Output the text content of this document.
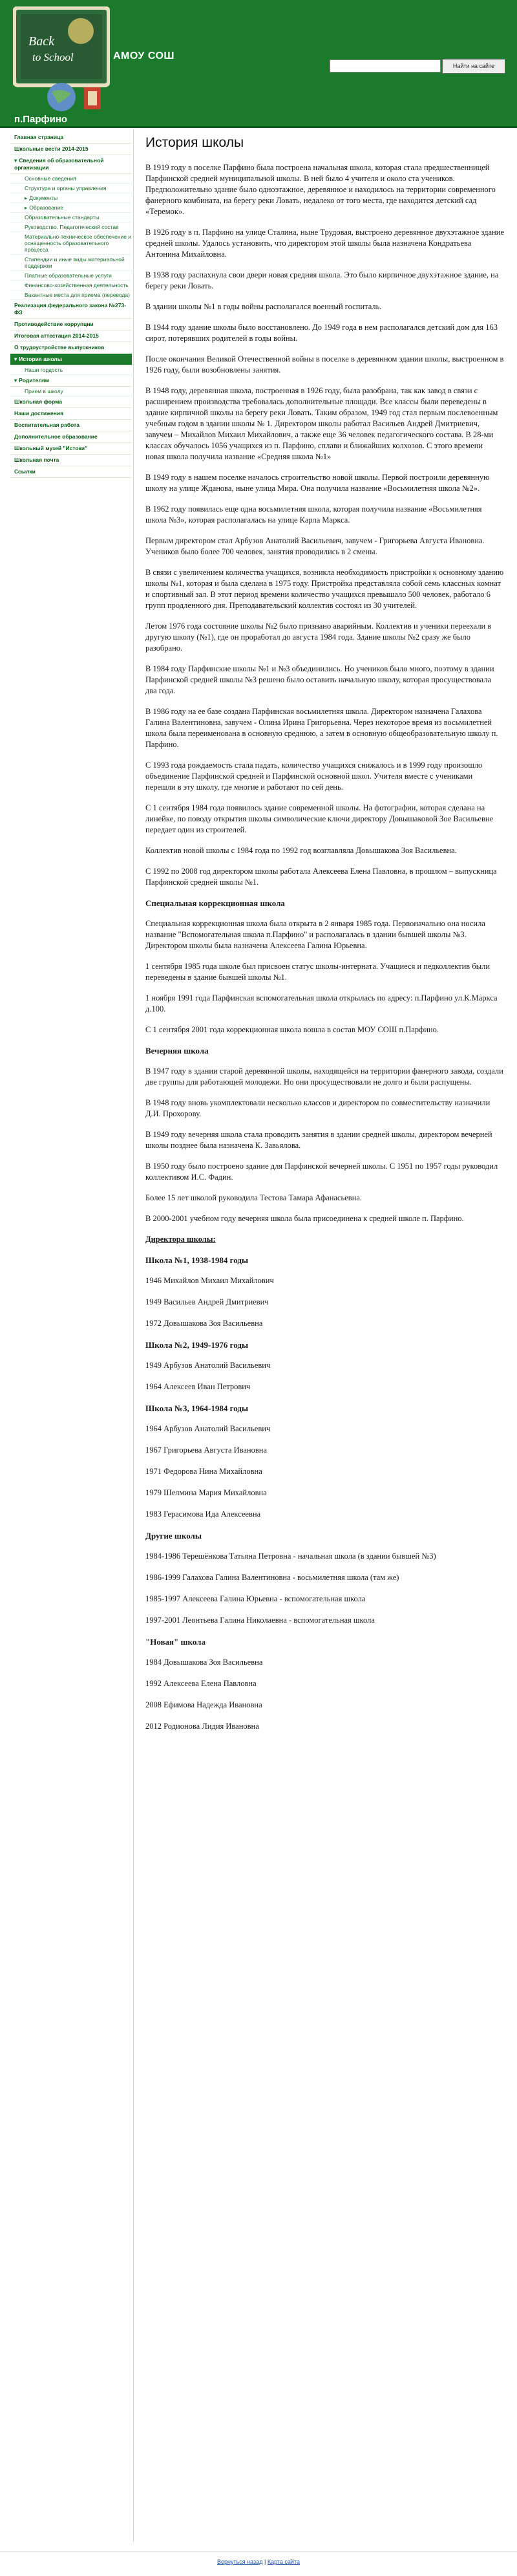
Back
to School	АМОУ СОШ
п.Парфино
Найти на сайте
Главная страница
Школьные вести 2014-2015
▾ Сведения об образовательной организации
Основные сведения
Структура и органы управления
▸ Документы
▸ Образование
Образовательные стандарты
Руководство. Педагогический состав
Материально-техническое обеспечение и оснащенность образовательного процесса
Стипендии и иные виды материальной поддержки
Платные образовательные услуги
Финансово-хозяйственная деятельность
Вакантные места для приема (перевода)
Реализация федерального закона №273-ФЗ
Противодействие коррупции
Итоговая аттестация 2014-2015
О трудоустройстве выпускников
▾ История школы
Наши гордость
▾ Родителям
Прием в школу
Школьная форма
Наши достижения
Воспитательная работа
Дополнительное образование
Школьный музей "Истоки"
Школьная почта
Ссылки
История школы

В 1919 году в поселке Парфино была построена начальная школа, которая стала предшественницей Парфинской средней муниципальной школы. В ней было 4 учителя и около ста учеников. Предположительно здание было одноэтажное, деревянное и находилось на территории современного фанерного комбината, на берегу реки Ловать, недалеко от того места, где находится детский сад «Теремок».

В 1926 году в п. Парфино на улице Сталина, ныне Трудовая, выстроено деревянное двухэтажное здание средней школы. Удалось установить, что директором этой школы была назначена Кондратьева Антонина Михайловна.

В 1938 году распахнула свои двери новая средняя школа. Это было кирпичное двухэтажное здание, на берегу реки Ловать.

В здании школы №1 в годы войны располагался военный госпиталь.

В 1944 году здание школы было восстановлено. До 1949 года в нем располагался детский дом для 163 сирот, потерявших родителей в годы войны.

После окончания Великой Отечественной войны в поселке в деревянном здании школы, выстроенном в 1926 году, были возобновлены занятия.

В 1948 году, деревянная школа, построенная в 1926 году, была разобрана, так как завод в связи с расширением производства требовалась дополнительные площади. Все классы были переведены в здание кирпичной школы на берегу реки Ловать. Таким образом, 1949 год стал первым послевоенным учебным годом в здании школы № 1. Директором школы работал Васильев Андрей Дмитриевич, завучем – Михайлов Михаил Михайлович, а также еще 36 человек педагогического состава. В 28-ми классах обучалось 1056 учащихся из п. Парфино, сплави и ближайших колхозов. С этого времени новая школа получила название «Средняя школа №1»

В 1949 году в нашем поселке началось строительство новой школы. Первой построили деревянную школу на улице Жданова, ныне улица Мира. Она получила название «Восьмилетняя школа №2».

В 1962 году появилась еще одна восьмилетняя школа, которая получила название «Восьмилетняя школа №3», которая располагалась на улице Карла Маркса.

Первым директором стал Арбузов Анатолий Васильевич, завучем - Григорьева Августа Ивановна. Учеников было более 700 человек, занятия проводились в 2 смены.

В связи с увеличением количества учащихся, возникла необходимость пристройки к основному зданию школы №1, которая и была сделана в 1975 году. Пристройка представляла собой семь классных комнат и спортивный зал. В этот период времени количество учащихся превышало 500 человек, работало 6 групп продленного дня. Преподавательский коллектив состоял из 30 учителей.

Летом 1976 года состояние школы №2 было признано аварийным. Коллектив и ученики переехали в другую школу (№1), где он проработал до августа 1984 года. Здание школы №2 сразу же было разобрано.

В 1984 году Парфинские школы №1 и №3 объединились. Но учеников было много, поэтому в здании Парфинской средней школы №3 решено было оставить начальную школу, которая просуществовала два года.

В 1986 году на ее базе создана Парфинская восьмилетняя школа. Директором назначена Галахова Галина Валентиновна, завучем - Олина Ирина Григорьевна. Через некоторое время из восьмилетней школа была переименована в основную среднюю, а затем в основную общеобразовательную школу п. Парфино.

С 1993 года рождаемость стала падать, количество учащихся снижалось и в 1999 году произошло объединение Парфинской средней и Парфинской основной школ. Учителя вместе с учениками перешли в эту школу, где многие и работают по сей день.

С 1 сентября 1984 года появилось здание современной школы. На фотографии, которая сделана на линейке, по поводу открытия школы символические ключи директору Довышаковой Зое Васильевне передает один из строителей.

Коллектив новой школы с 1984 года по 1992 год возглавляла Довышакова Зоя Васильевна.

С 1992 по 2008 год директором школы работала Алексеева Елена Павловна, в прошлом – выпускница Парфинской средней школы №1.

Специальная коррекционная школа

Специальная коррекционная школа была открыта в 2 января 1985 года. Первоначально она носила название "Вспомогательная школа п.Парфино" и располагалась в здании бывшей школы №3. Директором школы была назначена Алексеева Галина Юрьевна.

1 сентября 1985 года школе был присвоен статус школы-интерната. Учащиеся и педколлектив были переведены в здание бывшей школы №1.

1 ноября 1991 года Парфинская вспомогательная школа открылась по адресу: п.Парфино ул.К.Маркса д.100.

С 1 сентября 2001 года коррекционная школа вошла в состав МОУ СОШ п.Парфино.

Вечерняя школа

В 1947 году в здании старой деревянной школы, находящейся на территории фанерного завода, создали две группы для работающей молодежи. Но они просуществовали не долго и были распущены.

В 1948 году вновь укомплектовали несколько классов и директором по совместительству назначили Д.И. Прохорову.

В 1949 году вечерняя школа стала проводить занятия в здании средней школы, директором вечерней школы позднее была назначена К. Завьялова.

В 1950 году было построено здание для Парфинской вечерней школы. С 1951 по 1957 годы руководил коллективом И.С. Фадин.

Более 15 лет школой руководила Тестова Тамара Афанасьевна.

В 2000-2001 учебном году вечерняя школа была присоединена к средней школе п. Парфино.

Директора школы:

Школа №1, 1938-1984 годы

1946 Михайлов Михаил Михайлович

1949 Васильев Андрей Дмитриевич

1972 Довышакова Зоя Васильевна

Школа №2, 1949-1976 годы

1949 Арбузов Анатолий Васильевич

1964 Алексеев Иван Петрович

Школа №3, 1964-1984 годы

1964 Арбузов Анатолий Васильевич

1967 Григорьева Августа Ивановна

1971 Федорова Нина Михайловна

1979 Шелмина Мария Михайловна

1983 Герасимова Ида Алексеевна

Другие школы

1984-1986 Терешёнкова Татьяна Петровна - начальная школа (в здании бывшей №3)

1986-1999 Галахова Галина Валентиновна - восьмилетняя школа (там же)

1985-1997 Алексеева Галина Юрьевна - вспомогательная школа

1997-2001 Леонтьева Галина Николаевна - вспомогательная школа

"Новая" школа

1984 Довышакова Зоя Васильевна

1992 Алексеева Елена Павловна

2008 Ефимова Надежда Ивановна

2012 Родионова Лидия Ивановна

Вернуться назад | Карта сайта
